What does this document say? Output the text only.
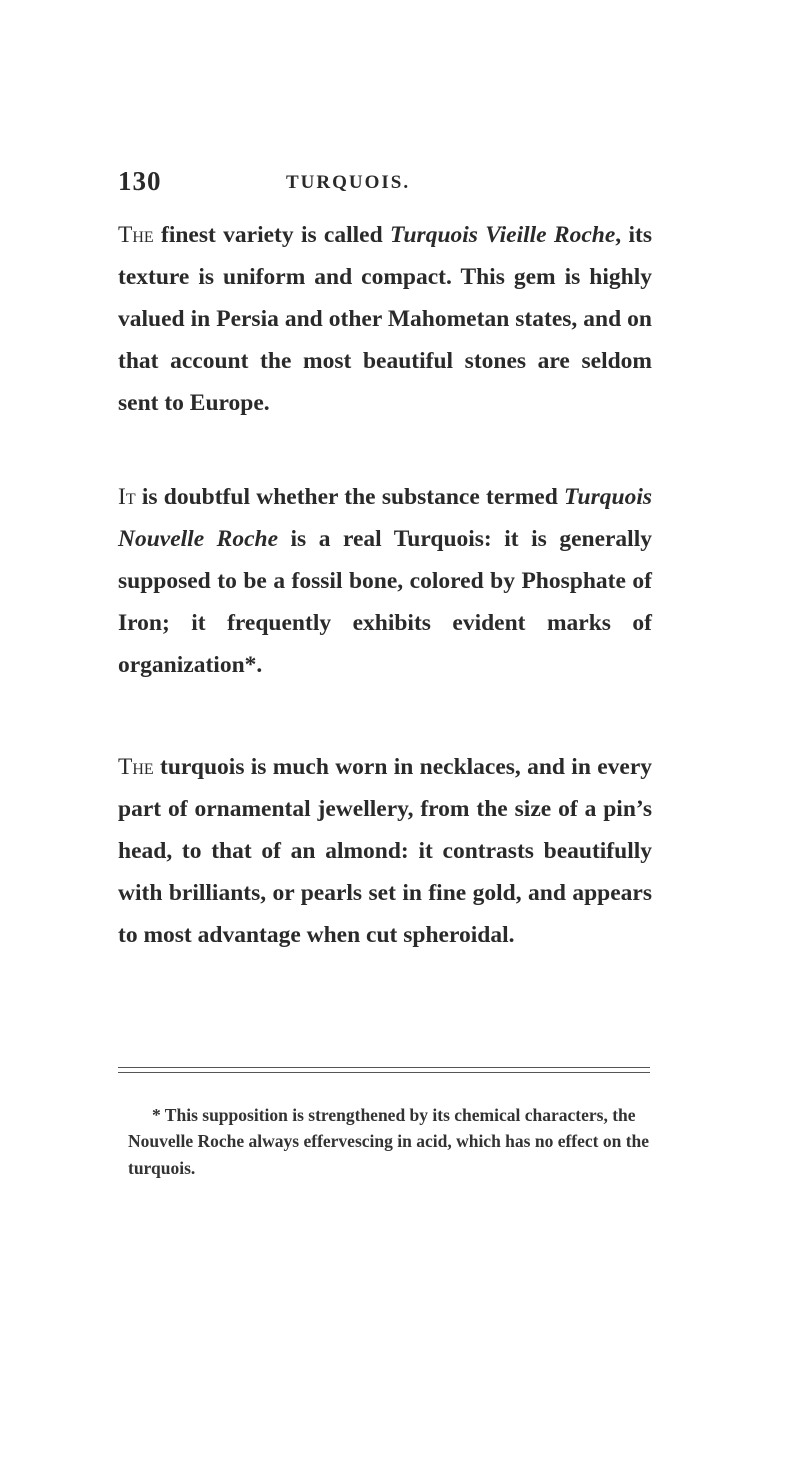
130	TURQUOIS.

The finest variety is called Turquois Vieille Roche, its texture is uniform and compact. This gem is highly valued in Persia and other Mahometan states, and on that account the most beautiful stones are seldom sent to Europe.

It is doubtful whether the substance termed Turquois Nouvelle Roche is a real Turquois: it is generally supposed to be a fossil bone, colored by Phosphate of Iron; it frequently exhibits evident marks of organization*.

The turquois is much worn in necklaces, and in every part of ornamental jewellery, from the size of a pin’s head, to that of an almond: it contrasts beautifully with brilliants, or pearls set in fine gold, and appears to most advantage when cut spheroidal.

* This supposition is strengthened by its chemical characters, the Nouvelle Roche always effervescing in acid, which has no effect on the turquois.
